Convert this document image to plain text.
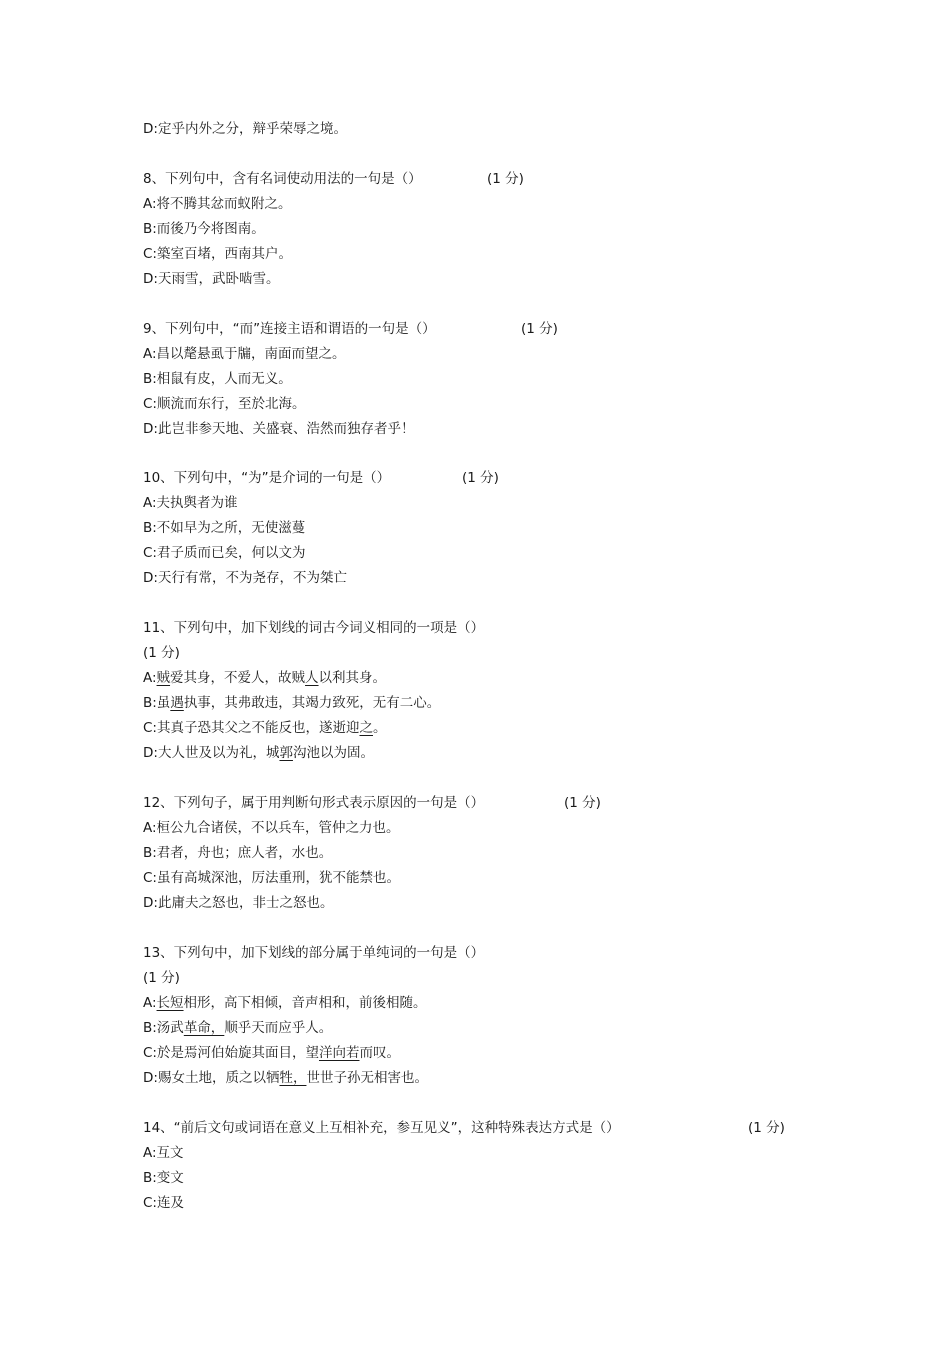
D:定乎内外之分，辩乎荣辱之境。
8、下列句中，含有名词使动用法的一句是（）	(1 分)
A:将不腾其忿而蚁附之。
B:而後乃今将图南。
C:築室百堵，西南其户。
D:天雨雪，武卧啮雪。
9、下列句中，“而”连接主语和谓语的一句是（）	(1 分)
A:昌以氂悬虱于牖，南面而望之。
B:相鼠有皮，人而无义。
C:顺流而东行，至於北海。
D:此岂非参天地、关盛衰、浩然而独存者乎！
10、下列句中，“为”是介词的一句是（）	(1 分)
A:夫执舆者为谁
B:不如早为之所，无使滋蔓
C:君子质而已矣，何以文为
D:天行有常，不为尧存，不为桀亡
11、下列句中，加下划线的词古今词义相同的一项是（）
(1 分)
A:贼爱其身，不爱人，故贼人以利其身。
B:虽遇执事，其弗敢违，其竭力致死，无有二心。
C:其真子恐其父之不能反也，遂逝迎之。
D:大人世及以为礼，城郭沟池以为固。
12、下列句子，属于用判断句形式表示原因的一句是（）	(1 分)
A:桓公九合诸侯，不以兵车，管仲之力也。
B:君者，舟也；庶人者，水也。
C:虽有高城深池，厉法重刑，犹不能禁也。
D:此庸夫之怒也，非士之怒也。
13、下列句中，加下划线的部分属于单纯词的一句是（）
(1 分)
A:长短相形，高下相倾，音声相和，前後相随。
B:汤武革命，顺乎天而应乎人。
C:於是焉河伯始旋其面目，望洋向若而叹。
D:赐女土地，质之以牺牲，世世子孙无相害也。
14、“前后文句或词语在意义上互相补充，参互见义”，这种特殊表达方式是（）	(1 分)
A:互文
B:变文
C:连及
